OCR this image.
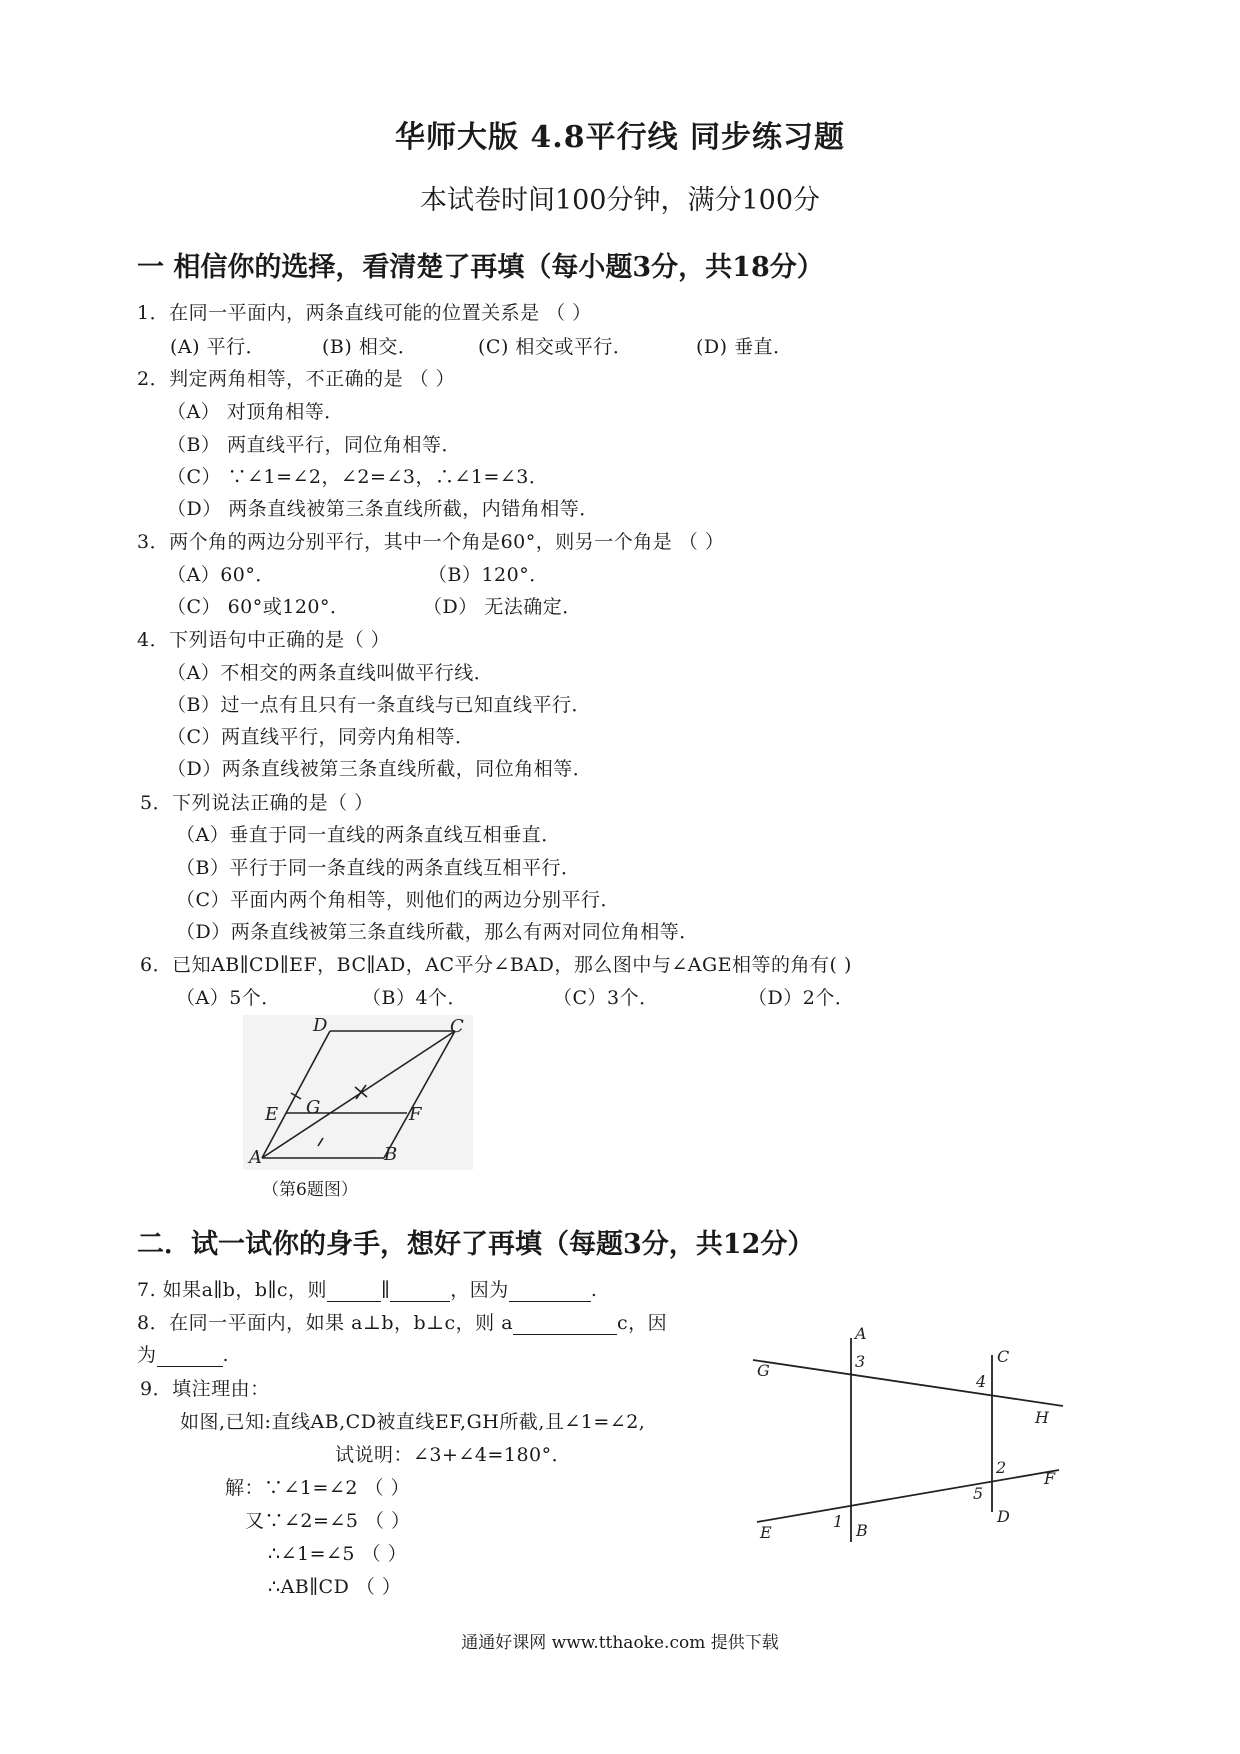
华师大版 4.8平行线 同步练习题
本试卷时间100分钟，满分100分
一 相信你的选择，看清楚了再填（每小题3分，共18分）
1．在同一平面内，两条直线可能的位置关系是 （ ）
(A) 平行．	(B) 相交．	(C) 相交或平行．	(D) 垂直．
2．判定两角相等，不正确的是 （ ）
（A） 对顶角相等．
（B） 两直线平行，同位角相等．
（C） ∵∠1=∠2，∠2=∠3，∴∠1=∠3．
（D） 两条直线被第三条直线所截，内错角相等．
3．两个角的两边分别平行，其中一个角是60°，则另一个角是 （ ）
（A）60°．	（B）120°．
（C） 60°或120°．	（D） 无法确定．
4．下列语句中正确的是（ ）
（A）不相交的两条直线叫做平行线．
（B）过一点有且只有一条直线与已知直线平行．
（C）两直线平行，同旁内角相等．
（D）两条直线被第三条直线所截，同位角相等．
5．下列说法正确的是（ ）
（A）垂直于同一直线的两条直线互相垂直．
（B）平行于同一条直线的两条直线互相平行．
（C）平面内两个角相等，则他们的两边分别平行．
（D）两条直线被第三条直线所截，那么有两对同位角相等．
6．已知AB∥CD∥EF，BC∥AD，AC平分∠BAD，那么图中与∠AGE相等的角有( )
（A）5个．	（B）4个．	（C）3个．	（D）2个．
D	C
E G	F
A	B
（第6题图）
二．试一试你的身手，想好了再填（每题3分，共12分）
7. 如果a∥b，b∥c，则	∥	，因为	.
8．在同一平面内，如果 a⊥b，b⊥c，则 a	c，因
为	.
9．填注理由：
如图,已知:直线AB,CD被直线EF,GH所截,且∠1=∠2,
试说明：∠3+∠4=180°．
解：∵∠1=∠2 （ ）
又∵∠2=∠5 （ ）
∴∠1=∠5 （ ）
∴AB∥CD （ ）
A
3
G
C
4
H
2
F
5
D
1 B
E
通通好课网 www.tthaoke.com 提供下载
